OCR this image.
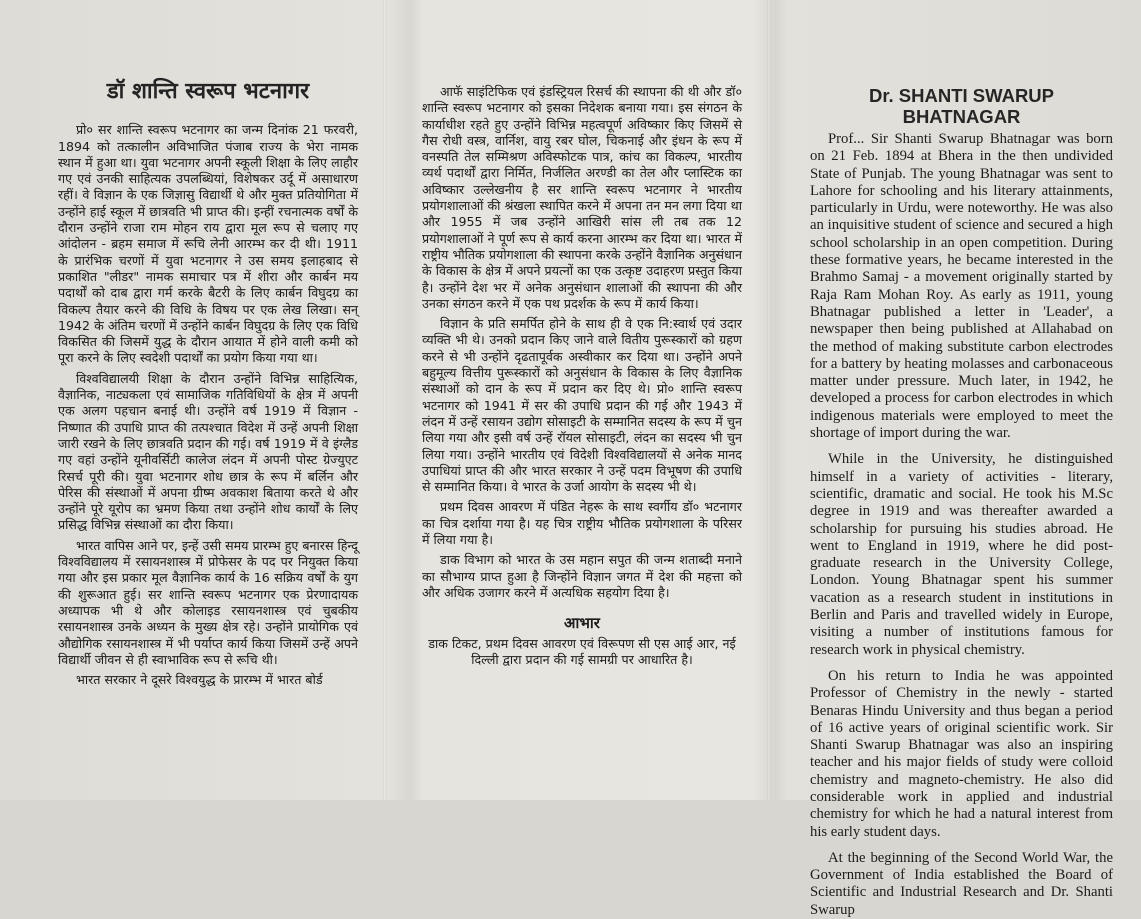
डॉ शान्ति स्वरूप भटनागर

प्रो० सर शान्ति स्वरूप भटनागर का जन्म दिनांक 21 फरवरी, 1894 को तत्कालीन अविभाजित पंजाब राज्य के भेरा नामक स्थान में हुआ था। युवा भटनागर अपनी स्कूली शिक्षा के लिए लाहौर गए एवं उनकी साहित्यक उपलब्धियां, विशेषकर उर्दू में असाधारण रहीं। वे विज्ञान के एक जिज्ञासु विद्यार्थी थे और मुक्त प्रतियोगिता में उन्होंने हाई स्कूल में छात्रवति भी प्राप्त की। इन्हीं रचनात्मक वर्षों के दौरान उन्होंने राजा राम मोहन राय द्वारा मूल रूप से चलाए गए आंदोलन - ब्रहम समाज में रूचि लेनी आरम्भ कर दी थी। 1911 के प्रारंभिक चरणों में युवा भटनागर ने उस समय इलाहबाद से प्रकाशित "लीडर" नामक समाचार पत्र में शीरा और कार्बन मय पदार्थों को दाब द्वारा गर्म करके बैटरी के लिए कार्बन विघुदग्र का विकल्प तैयार करने की विधि के विषय पर एक लेख लिखा। सन् 1942 के अंतिम चरणों में उन्होंने कार्बन विघुदग्र के लिए एक विधि विकसित की जिसमें युद्ध के दौरान आयात में होने वाली कमी को पूरा करने के लिए स्वदेशी पदार्थों का प्रयोग किया गया था।

विश्वविद्यालयी शिक्षा के दौरान उन्होंने विभिन्न साहित्यिक, वैज्ञानिक, नाट्यकला एवं सामाजिक गतिविधियों के क्षेत्र में अपनी एक अलग पहचान बनाई थी। उन्होंने वर्ष 1919 में विज्ञान - निष्णात की उपाधि प्राप्त की तत्पश्चात विदेश में उन्हें अपनी शिक्षा जारी रखने के लिए छात्रवति प्रदान की गई। वर्ष 1919 में वे इंग्लैड गए वहां उन्होंने यूनीवर्सिटी कालेज लंदन में अपनी पोस्ट ग्रेज्युएट रिसर्च पूरी की। युवा भटनागर शोध छात्र के रूप में बर्लिन और पेरिस की संस्थाओं में अपना ग्रीष्म अवकाश बिताया करते थे और उन्होंने पूरे यूरोप का भ्रमण किया तथा उन्होंने शोध कार्यों के लिए प्रसिद्ध विभिन्न संस्थाओं का दौरा किया।

भारत वापिस आने पर, इन्हें उसी समय प्रारम्भ हुए बनारस हिन्दू विश्वविद्यालय में रसायनशास्त्र में प्रोफेसर के पद पर नियुक्त किया गया और इस प्रकार मूल वैज्ञानिक कार्य के 16 सक्रिय वर्षों के युग की शुरूआत हुई। सर शान्ति स्वरूप भटनागर एक प्रेरणादायक अध्यापक भी थे और कोलाइड रसायनशास्त्र एवं चुबकीय रसायनशास्त्र उनके अध्यन के मुख्य क्षेत्र रहे। उन्होंने प्रायोगिक एवं औद्योगिक रसायनशास्त्र में भी पर्याप्त कार्य किया जिसमें उन्हें अपने विद्यार्थी जीवन से ही स्वाभाविक रूप से रूचि थी।

भारत सरकार ने दूसरे विश्वयुद्ध के प्रारम्भ में भारत बोर्ड

आफॅ साइंटिफिक एवं इंडस्ट्रियल रिसर्च की स्थापना की थी और डॉ० शान्ति स्वरूप भटनागर को इसका निदेशक बनाया गया। इस संगठन के कार्याधीश रहते हुए उन्होंने विभिन्न महत्वपूर्ण अविष्कार किए जिसमें से गैस रोधी वस्त्र, वार्निश, वायु रबर घोल, चिकनाई और इंधन के रूप में वनस्पति तेल सम्मिश्रण अविस्फोटक पात्र, कांच का विकल्प, भारतीय व्यर्थ पदार्थों द्वारा निर्मित, निर्जलित अरण्डी का तेल और प्लास्टिक का अविष्कार उल्लेखनीय है सर शान्ति स्वरूप भटनागर ने भारतीय प्रयोगशालाओं की श्रंखला स्थापित करने में अपना तन मन लगा दिया था और 1955 में जब उन्होंने आखिरी सांस ली तब तक 12 प्रयोगशालाओं ने पूर्ण रूप से कार्य करना आरम्भ कर दिया था। भारत में राष्ट्रीय भौतिक प्रयोगशाला की स्थापना करके उन्होंने वैज्ञानिक अनुसंधान के विकास के क्षेत्र में अपने प्रयत्नों का एक उत्कृष्ट उदाहरण प्रस्तुत किया है। उन्होंने देश भर में अनेक अनुसंधान शालाओं की स्थापना की और उनका संगठन करने में एक पथ प्रदर्शक के रूप में कार्य किया।

विज्ञान के प्रति समर्पित होने के साथ ही वे एक नि:स्वार्थ एवं उदार व्यक्ति भी थे। उनको प्रदान किए जाने वाले वितीय पुरूस्कारों को ग्रहण करने से भी उन्होंने दृढतापूर्वक अस्वीकार कर दिया था। उन्होंने अपने बहुमूल्य वित्तीय पुरूस्कारों को अनुसंधान के विकास के लिए वैज्ञानिक संस्थाओं को दान के रूप में प्रदान कर दिए थे। प्रो० शान्ति स्वरूप भटनागर को 1941 में सर की उपाधि प्रदान की गई और 1943 में लंदन में उन्हें रसायन उद्योग सोसाइटी के सम्मानित सदस्य के रूप में चुन लिया गया और इसी वर्ष उन्हें रॉयल सोसाइटी, लंदन का सदस्य भी चुन लिया गया। उन्होंने भारतीय एवं विदेशी विश्वविद्यालयों से अनेक मानद उपाधियां प्राप्त की और भारत सरकार ने उन्हें पदम विभूषण की उपाधि से सम्मानित किया। वे भारत के उर्जा आयोग के सदस्य भी थे।

प्रथम दिवस आवरण में पंडित नेहरू के साथ स्वर्गीय डॉ० भटनागर का चित्र दर्शाया गया है। यह चित्र राष्ट्रीय भौतिक प्रयोगशाला के परिसर में लिया गया है।

डाक विभाग को भारत के उस महान सपुत की जन्म शताब्दी मनाने का सौभाग्य प्राप्त हुआ है जिन्होंने विज्ञान जगत में देश की महत्ता को और अधिक उजागर करने में अत्यधिक सहयोग दिया है।

आभार

डाक टिकट, प्रथम दिवस आवरण एवं विरूपण सी एस आई आर, नई दिल्ली द्वारा प्रदान की गई सामग्री पर आधारित है।

Dr. SHANTI SWARUP
BHATNAGAR

Prof... Sir Shanti Swarup Bhatnagar was born on 21 Feb. 1894 at Bhera in the then undivided State of Punjab. The young Bhatnagar was sent to Lahore for schooling and his literary attainments, particularly in Urdu, were noteworthy. He was also an inquisitive student of science and secured a high school scholarship in an open competition. During these formative years, he became interested in the Brahmo Samaj - a movement originally started by Raja Ram Mohan Roy. As early as 1911, young Bhatnagar published a letter in 'Leader', a newspaper then being published at Allahabad on the method of making substitute carbon electrodes for a battery by heating molasses and carbonaceous matter under pressure. Much later, in 1942, he developed a process for carbon electrodes in which indigenous materials were employed to meet the shortage of import during the war.

While in the University, he distinguished himself in a variety of activities - literary, scientific, dramatic and social. He took his M.Sc degree in 1919 and was thereafter awarded a scholarship for pursuing his studies abroad. He went to England in 1919, where he did post-graduate research in the University College, London. Young Bhatnagar spent his summer vacation as a research student in institutions in Berlin and Paris and travelled widely in Europe, visiting a number of institutions famous for research work in physical chemistry.

On his return to India he was appointed Professor of Chemistry in the newly - started Benaras Hindu University and thus began a period of 16 active years of original scientific work. Sir Shanti Swarup Bhatnagar was also an inspiring teacher and his major fields of study were colloid chemistry and magneto-chemistry. He also did considerable work in applied and industrial chemistry for which he had a natural interest from his early student days.

At the beginning of the Second World War, the Government of India established the Board of Scientific and Industrial Research and Dr. Shanti Swarup
